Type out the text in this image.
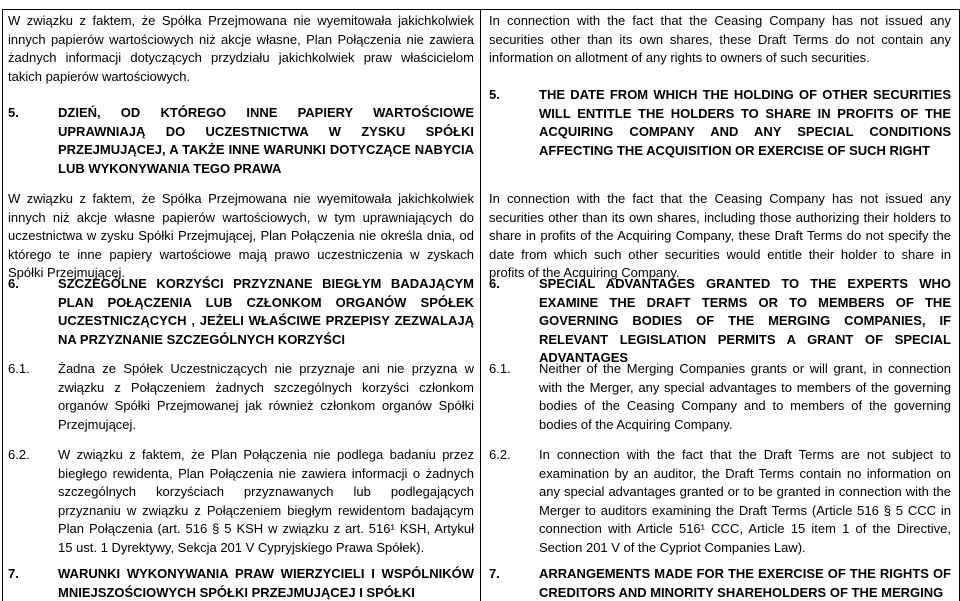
W związku z faktem, że Spółka Przejmowana nie wyemitowała jakichkolwiek innych papierów wartościowych niż akcje własne, Plan Połączenia nie zawiera żadnych informacji dotyczących przydziału jakichkolwiek praw właścicielom takich papierów wartościowych.

5.	DZIEŃ, OD KTÓREGO INNE PAPIERY WARTOŚCIOWE UPRAWNIAJĄ DO UCZESTNICTWA W ZYSKU SPÓŁKI PRZEJMUJĄCEJ, A TAKŻE INNE WARUNKI DOTYCZĄCE NABYCIA LUB WYKONYWANIA TEGO PRAWA

W związku z faktem, że Spółka Przejmowana nie wyemitowała jakichkolwiek innych niż akcje własne papierów wartościowych, w tym uprawniających do uczestnictwa w zysku Spółki Przejmującej, Plan Połączenia nie określa dnia, od którego te inne papiery wartościowe mają prawo uczestniczenia w zyskach Spółki Przejmującej.

6.	SZCZEGÓLNE KORZYŚCI PRZYZNANE BIEGŁYM BADAJĄCYM PLAN POŁĄCZENIA LUB CZŁONKOM ORGANÓW SPÓŁEK UCZESTNICZĄCYCH , JEŻELI WŁAŚCIWE PRZEPISY ZEZWALAJĄ NA PRZYZNANIE SZCZEGÓLNYCH KORZYŚCI
6.1.	Żadna ze Spółek Uczestniczących nie przyznaje ani nie przyzna w związku z Połączeniem żadnych szczególnych korzyści członkom organów Spółki Przejmowanej jak również członkom organów Spółki Przejmującej.
6.2.	W związku z faktem, że Plan Połączenia nie podlega badaniu przez biegłego rewidenta, Plan Połączenia nie zawiera informacji o żadnych szczególnych korzyściach przyznawanych lub podlegających przyznaniu w związku z Połączeniem biegłym rewidentom badającym Plan Połączenia (art. 516 § 5 KSH w związku z art. 516¹ KSH, Artykuł 15 ust. 1 Dyrektywy, Sekcja 201 V Cypryjskiego Prawa Spółek).
7.	WARUNKI WYKONYWANIA PRAW WIERZYCIELI I WSPÓLNIKÓW MNIEJSZOŚCIOWYCH SPÓŁKI PRZEJMUJĄCEJ I SPÓŁKI

In connection with the fact that the Ceasing Company has not issued any securities other than its own shares, these Draft Terms do not contain any information on allotment of any rights to owners of such securities.

5.	THE DATE FROM WHICH THE HOLDING OF OTHER SECURITIES WILL ENTITLE THE HOLDERS TO SHARE IN PROFITS OF THE ACQUIRING COMPANY AND ANY SPECIAL CONDITIONS AFFECTING THE ACQUISITION OR EXERCISE OF SUCH RIGHT

In connection with the fact that the Ceasing Company has not issued any securities other than its own shares, including those authorizing their holders to share in profits of the Acquiring Company, these Draft Terms do not specify the date from which such other securities would entitle their holder to share in profits of the Acquiring Company.

6.	SPECIAL ADVANTAGES GRANTED TO THE EXPERTS WHO EXAMINE THE DRAFT TERMS OR TO MEMBERS OF THE GOVERNING BODIES OF THE MERGING COMPANIES, IF RELEVANT LEGISLATION PERMITS A GRANT OF SPECIAL ADVANTAGES
6.1.	Neither of the Merging Companies grants or will grant, in connection with the Merger, any special advantages to members of the governing bodies of the Ceasing Company and to members of the governing bodies of the Acquiring Company.
6.2.	In connection with the fact that the Draft Terms are not subject to examination by an auditor, the Draft Terms contain no information on any special advantages granted or to be granted in connection with the Merger to auditors examining the Draft Terms (Article 516 § 5 CCC in connection with Article 516¹ CCC, Article 15 item 1 of the Directive, Section 201 V of the Cypriot Companies Law).
7.	ARRANGEMENTS MADE FOR THE EXERCISE OF THE RIGHTS OF CREDITORS AND MINORITY SHAREHOLDERS OF THE MERGING
